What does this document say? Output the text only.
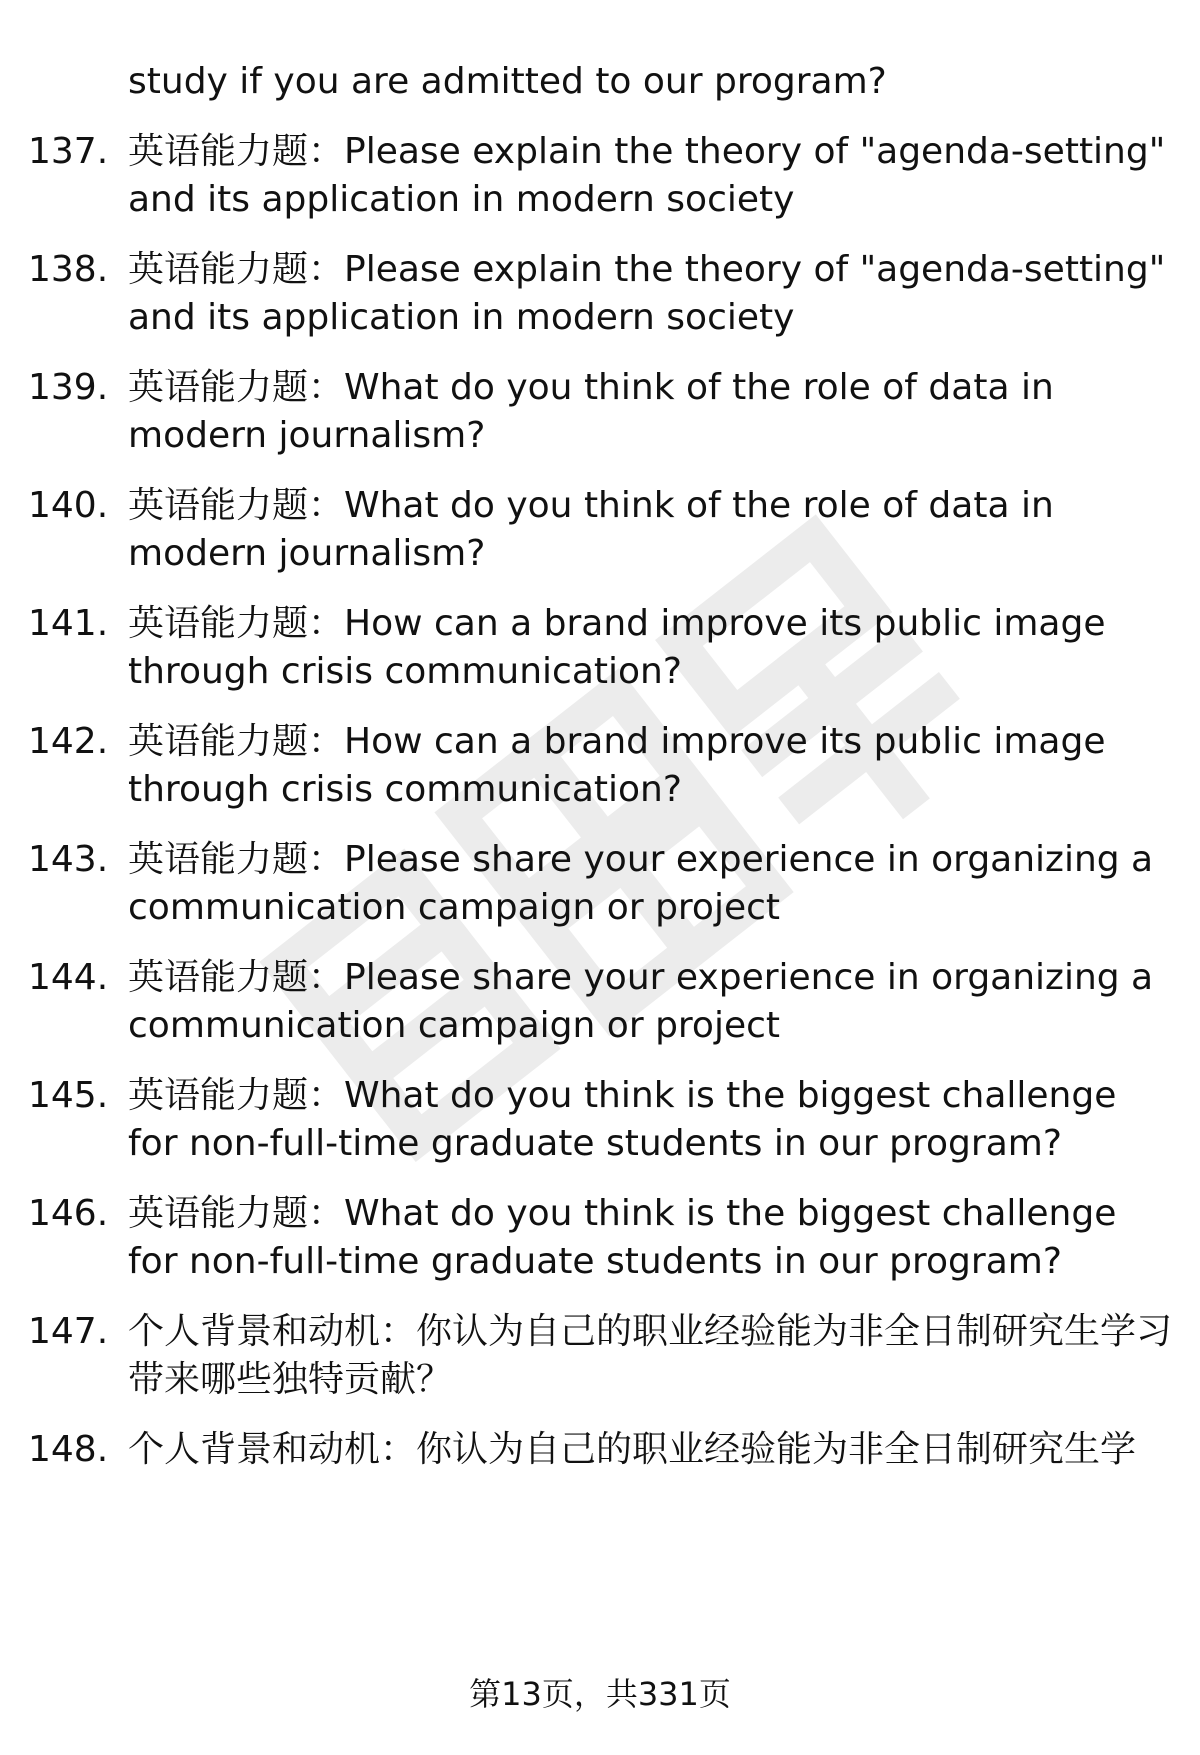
study if you are admitted to our program?
137. 英语能力题：Please explain the theory of "agenda-setting" and its application in modern society
138. 英语能力题：Please explain the theory of "agenda-setting" and its application in modern society
139. 英语能力题：What do you think of the role of data in modern journalism?
140. 英语能力题：What do you think of the role of data in modern journalism?
141. 英语能力题：How can a brand improve its public image through crisis communication?
142. 英语能力题：How can a brand improve its public image through crisis communication?
143. 英语能力题：Please share your experience in organizing a communication campaign or project
144. 英语能力题：Please share your experience in organizing a communication campaign or project
145. 英语能力题：What do you think is the biggest challenge for non-full-time graduate students in our program?
146. 英语能力题：What do you think is the biggest challenge for non-full-time graduate students in our program?
147. 个人背景和动机：你认为自己的职业经验能为非全日制研究生学习带来哪些独特贡献？
148. 个人背景和动机：你认为自己的职业经验能为非全日制研究生学
第13页，共331页
